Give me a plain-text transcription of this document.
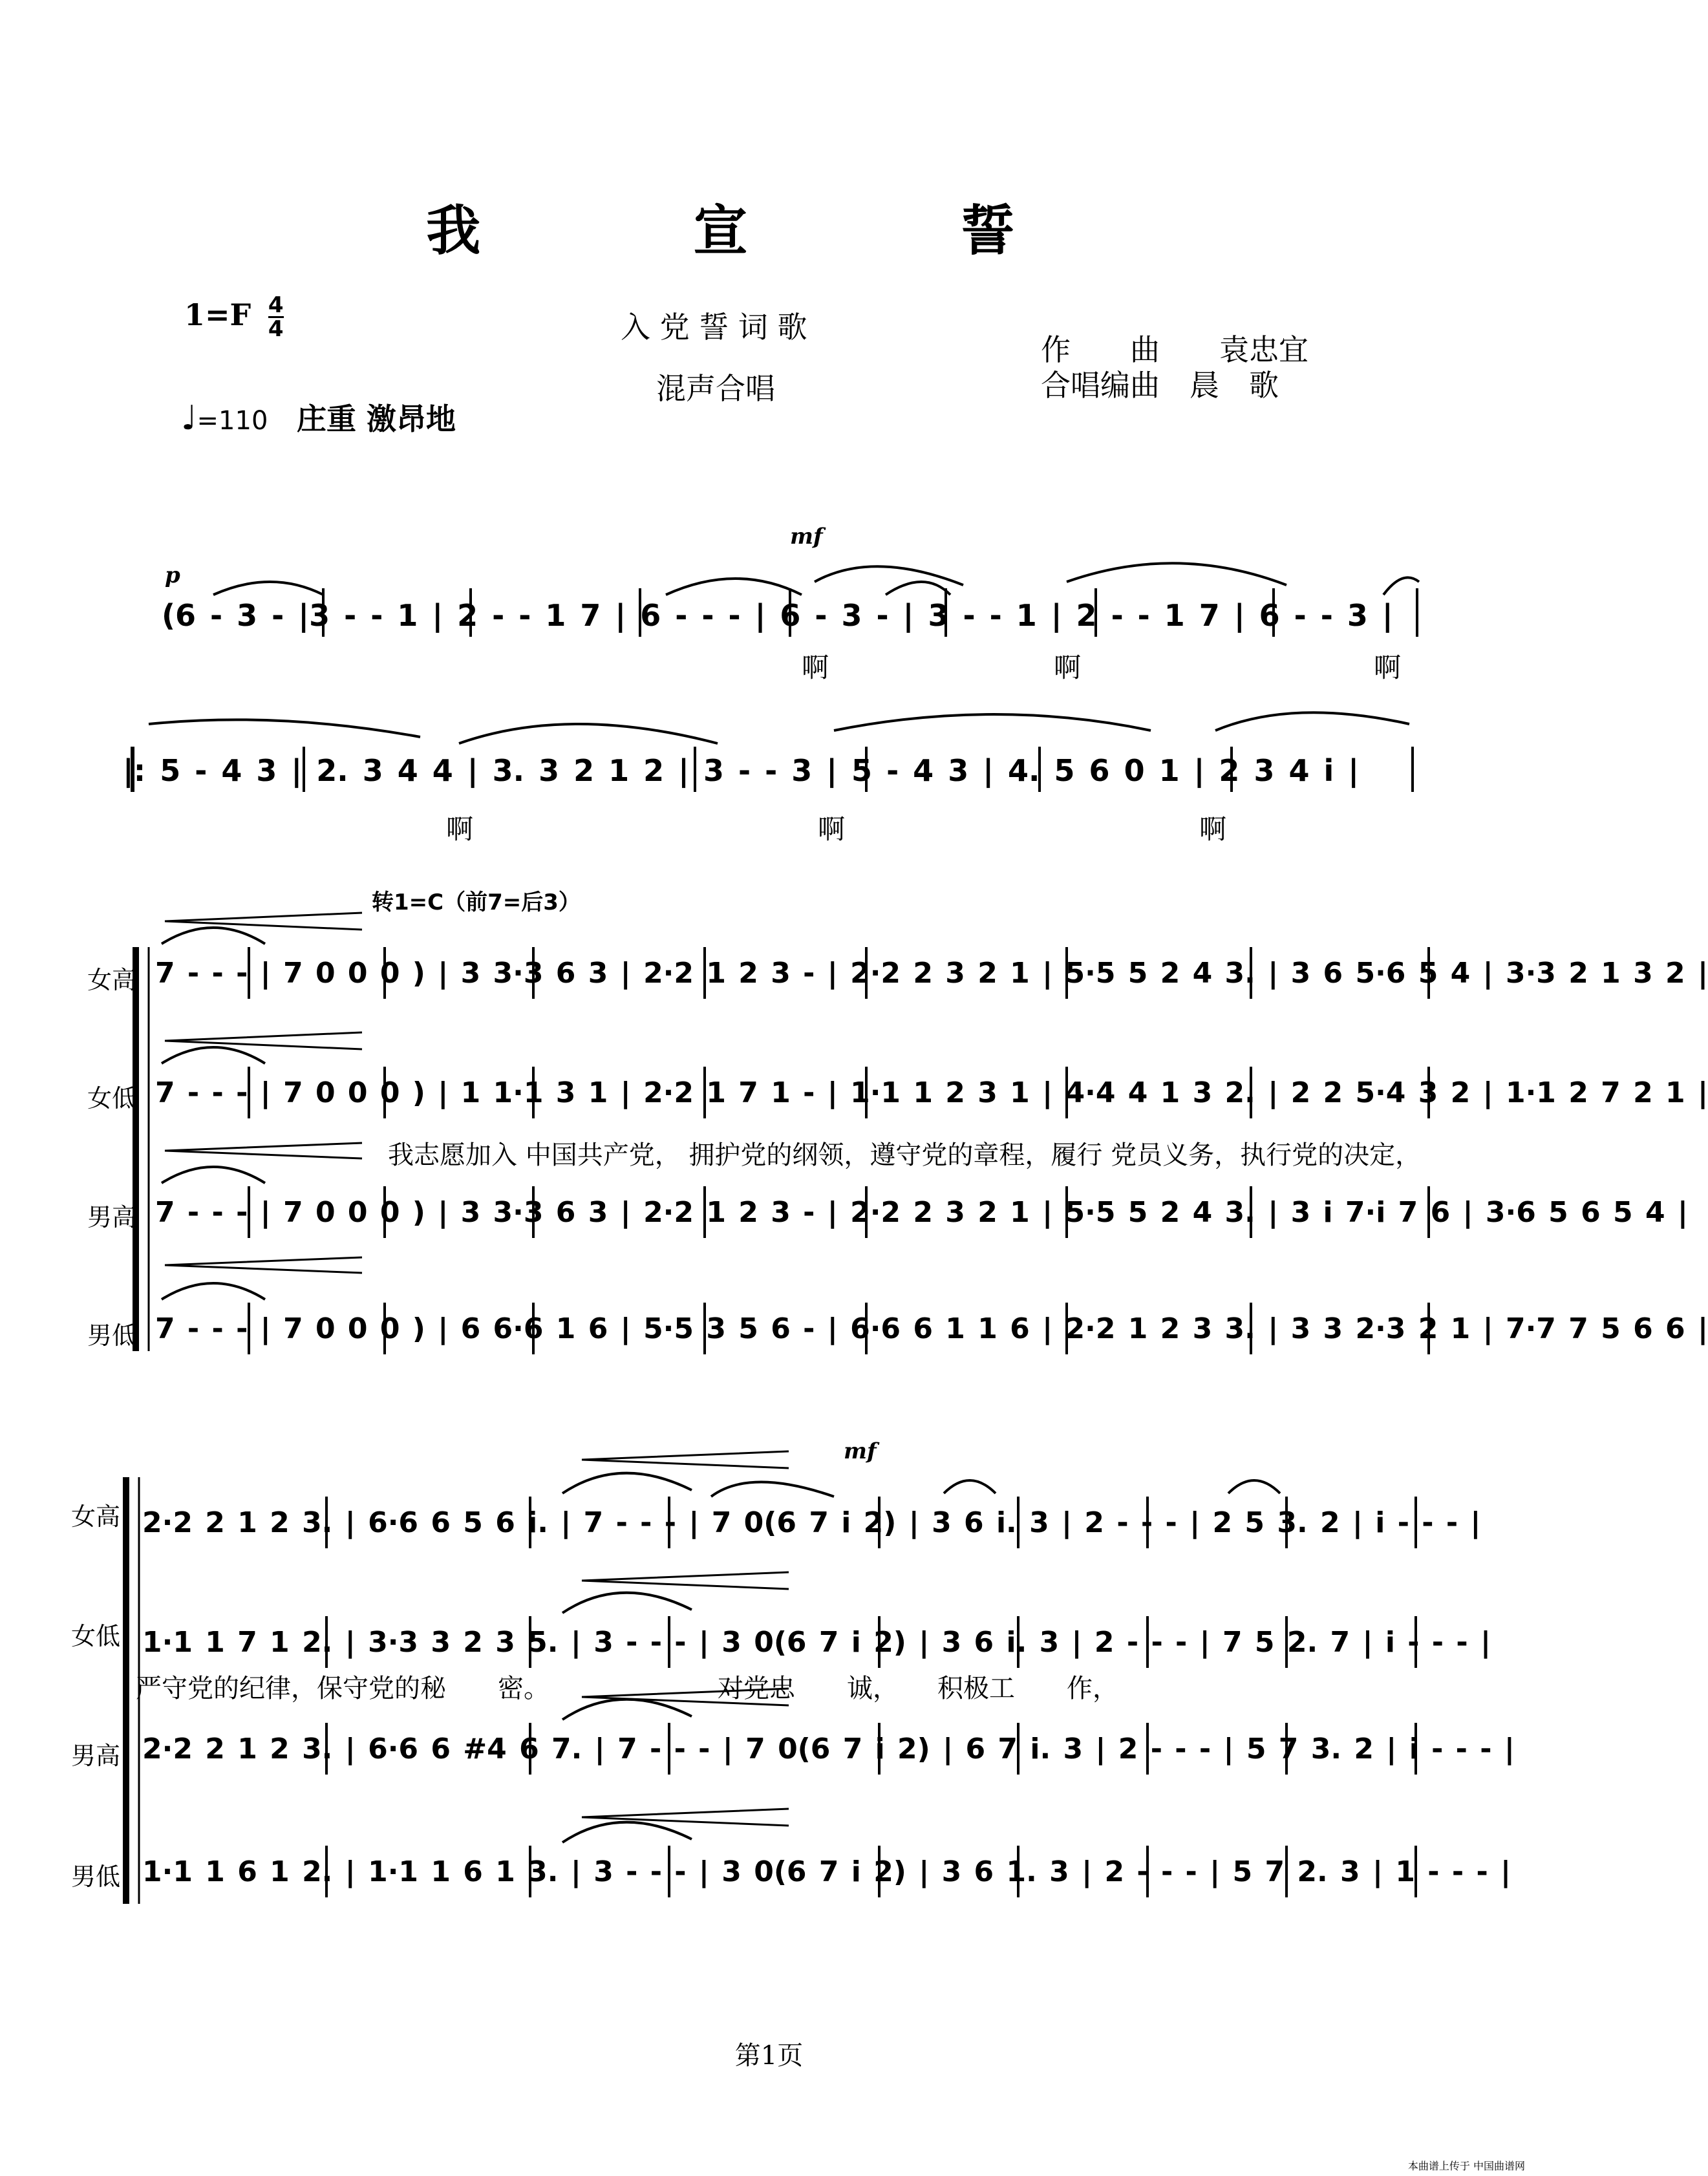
我 宣 誓
$1=F \frac{4}{4}$
♩=110 庄重 激昂地
入 党 誓 词 歌
混声合唱
作　　曲　　袁忠宜
合唱编曲　晨　歌
p
mf
(6 - 3 - |3 - - 1 | 2 - - 1 7 | 6 - - - | 6 - 3 - | 3 - - 1 | 2 - - 1 7 | 6 - - 3 |
啊	啊	啊
|: 5 - 4 3 | 2. 3 4 4 | 3. 3 2 1 2 | 3 - - 3 | 5 - 4 3 | 4. 5 6 0 1 | 2 3 4 i |
啊	啊	啊
转1=C（前7=后3）
女高 7 - - - | 7 0 0 0 ) | 3 3·3 6 3 | 2·2 1 2 3 - | 2·2 2 3 2 1 | 5·5 5 2 4 3. | 3 6 5·6 5 4 | 3·3 2 1 3 2 |
女低 7 - - - | 7 0 0 0 ) | 1 1·1 3 1 | 2·2 1 7 1 - | 1·1 1 2 3 1 | 4·4 4 1 3 2. | 2 2 5·4 3 2 | 1·1 2 7 2 1 |
我志愿加入 中国共产党， 拥护党的纲领，遵守党的章程，履行 党员义务，执行党的决定，
男高 7 - - - | 7 0 0 0 ) | 3 3·3 6 3 | 2·2 1 2 3 - | 2·2 2 3 2 1 | 5·5 5 2 4 3. | 3 i 7·i 7 6 | 3·6 5 6 5 4 |
男低 7 - - - | 7 0 0 0 ) | 6 6·6 1 6 | 5·5 3 5 6 - | 6·6 6 1 1 6 | 2·2 1 2 3 3. | 3 3 2·3 2 1 | 7·7 7 5 6 6 |
mf
女高 2·2 2 1 2 3. | 6·6 6 5 6 i. | 7 - - - | 7 0(6 7 i 2) | 3 6 i. 3 | 2 - - - | 2 5 3. 2 | i - - - |
女低 1·1 1 7 1 2. | 3·3 3 2 3 5. | 3 - - - | 3 0(6 7 i 2) | 3 6 i. 3 | 2 - - - | 7 5 2. 7 | i - - - |
严守党的纪律，保守党的秘　　密。　　　　　　　对党忠　　诚，　　积极工　　作，
男高 2·2 2 1 2 3. | 6·6 6 #4 6 7. | 7 - - - | 7 0(6 7 i 2) | 6 7 i. 3 | 2 - - - | 5 7 3. 2 | i - - - |
男低 1·1 1 6 1 2. | 1·1 1 6 1 3. | 3 - - - | 3 0(6 7 i 2) | 3 6 1. 3 | 2 - - - | 5 7 2. 3 | 1 - - - |
第1页
本曲谱上传于 中国曲谱网
